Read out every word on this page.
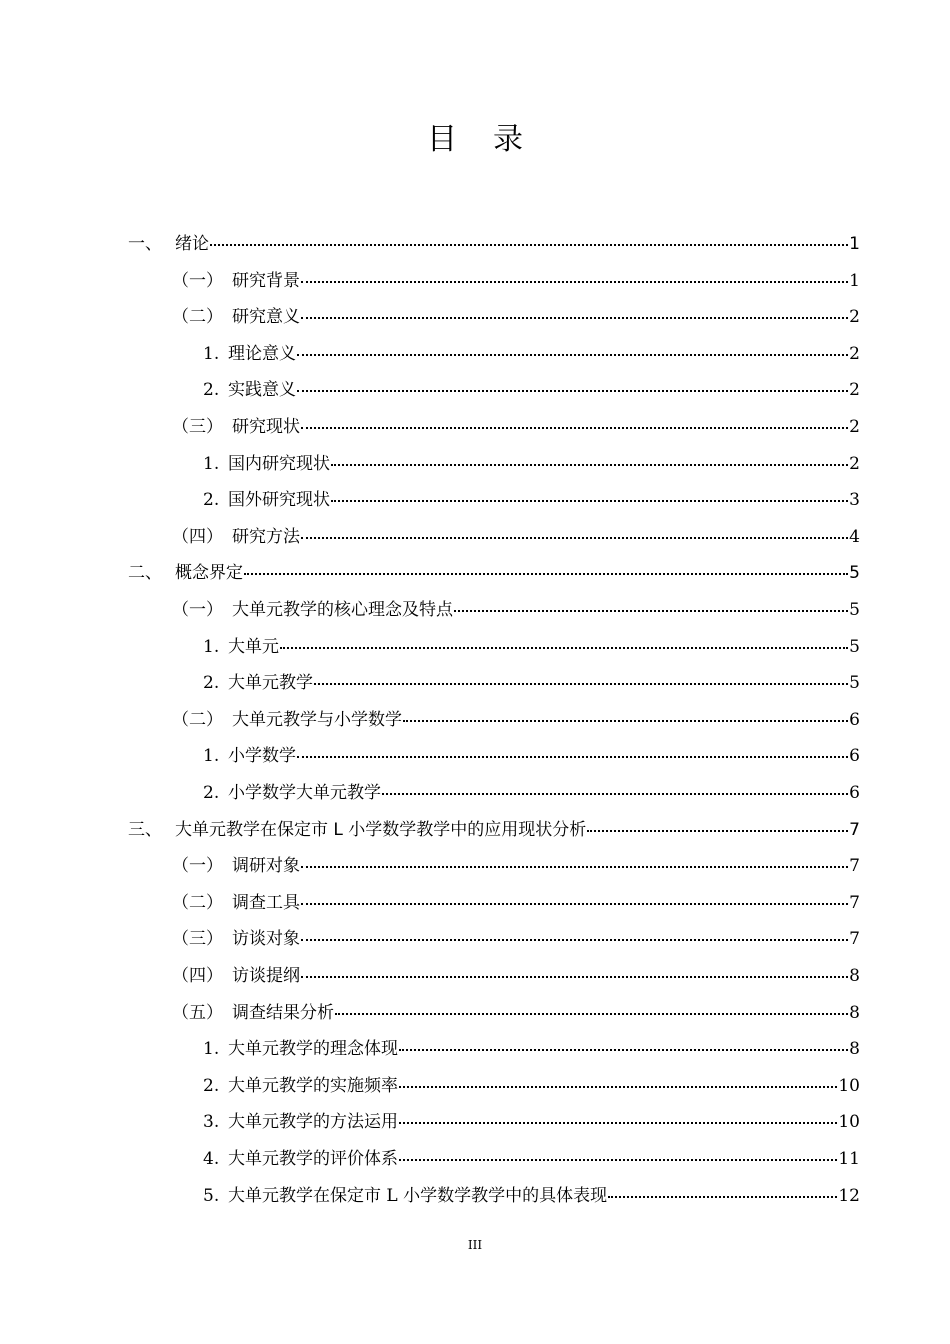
目录
一、 绪论	1
（一） 研究背景	1
（二） 研究意义	2
1. 理论意义	2
2. 实践意义	2
（三） 研究现状	2
1. 国内研究现状	2
2. 国外研究现状	3
（四） 研究方法	4
二、 概念界定	5
（一） 大单元教学的核心理念及特点	5
1. 大单元	5
2. 大单元教学	5
（二） 大单元教学与小学数学	6
1. 小学数学	6
2. 小学数学大单元教学	6
三、 大单元教学在保定市 L 小学数学教学中的应用现状分析	7
（一） 调研对象	7
（二） 调查工具	7
（三） 访谈对象	7
（四） 访谈提纲	8
（五） 调查结果分析	8
1. 大单元教学的理念体现	8
2. 大单元教学的实施频率	10
3. 大单元教学的方法运用	10
4. 大单元教学的评价体系	11
5. 大单元教学在保定市 L 小学数学教学中的具体表现	12
III
